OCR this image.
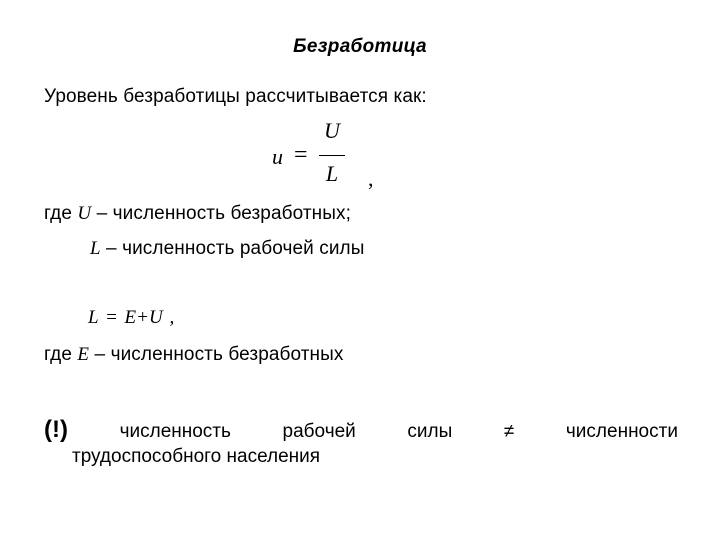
Безработица
Уровень безработицы рассчитывается как:
u =
U
L	,
где U – численность безработных;
L – численность рабочей силы
L = E+U ,
где E – численность безработных
(!)	численность	рабочей	силы	≠	численности
трудоспособного населения
